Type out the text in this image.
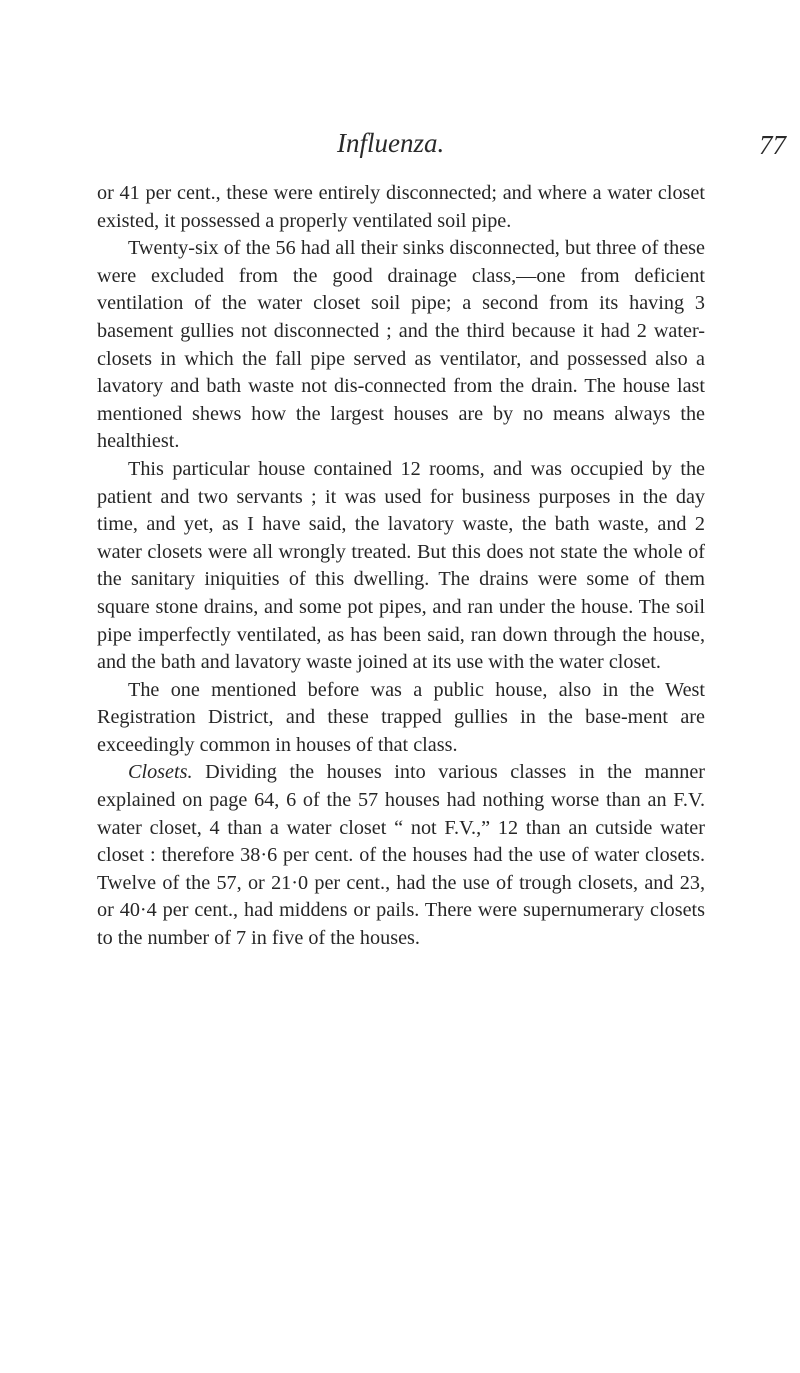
Influenza.	77

or 41 per cent., these were entirely disconnected; and where a water closet existed, it possessed a properly ventilated soil pipe.

Twenty-six of the 56 had all their sinks disconnected, but three of these were excluded from the good drainage class,—one from deficient ventilation of the water closet soil pipe; a second from its having 3 basement gullies not disconnected ; and the third because it had 2 water-closets in which the fall pipe served as ventilator, and possessed also a lavatory and bath waste not dis-connected from the drain. The house last mentioned shews how the largest houses are by no means always the healthiest.

This particular house contained 12 rooms, and was occupied by the patient and two servants ; it was used for business purposes in the day time, and yet, as I have said, the lavatory waste, the bath waste, and 2 water closets were all wrongly treated. But this does not state the whole of the sanitary iniquities of this dwelling. The drains were some of them square stone drains, and some pot pipes, and ran under the house. The soil pipe imperfectly ventilated, as has been said, ran down through the house, and the bath and lavatory waste joined at its use with the water closet.

The one mentioned before was a public house, also in the West Registration District, and these trapped gullies in the base-ment are exceedingly common in houses of that class.

Closets. Dividing the houses into various classes in the manner explained on page 64, 6 of the 57 houses had nothing worse than an F.V. water closet, 4 than a water closet “ not F.V.,” 12 than an cutside water closet : therefore 38·6 per cent. of the houses had the use of water closets. Twelve of the 57, or 21·0 per cent., had the use of trough closets, and 23, or 40·4 per cent., had middens or pails. There were supernumerary closets to the number of 7 in five of the houses.
